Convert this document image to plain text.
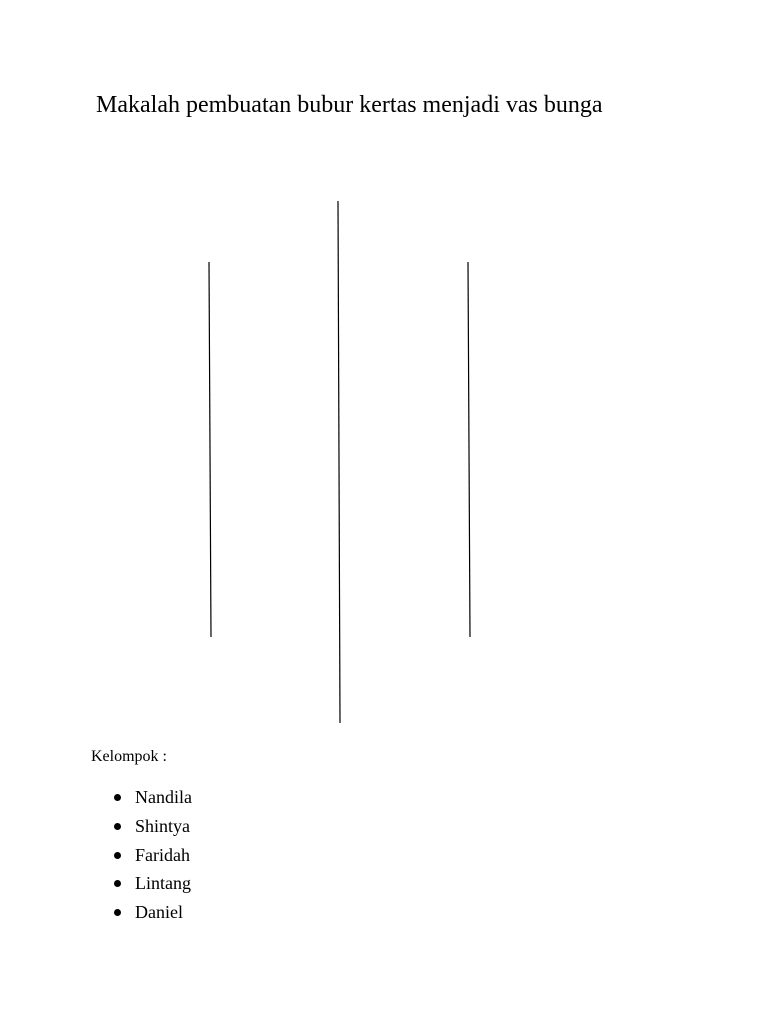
Makalah pembuatan bubur kertas menjadi vas bunga

Kelompok :

Nandila
Shintya
Faridah
Lintang
Daniel
